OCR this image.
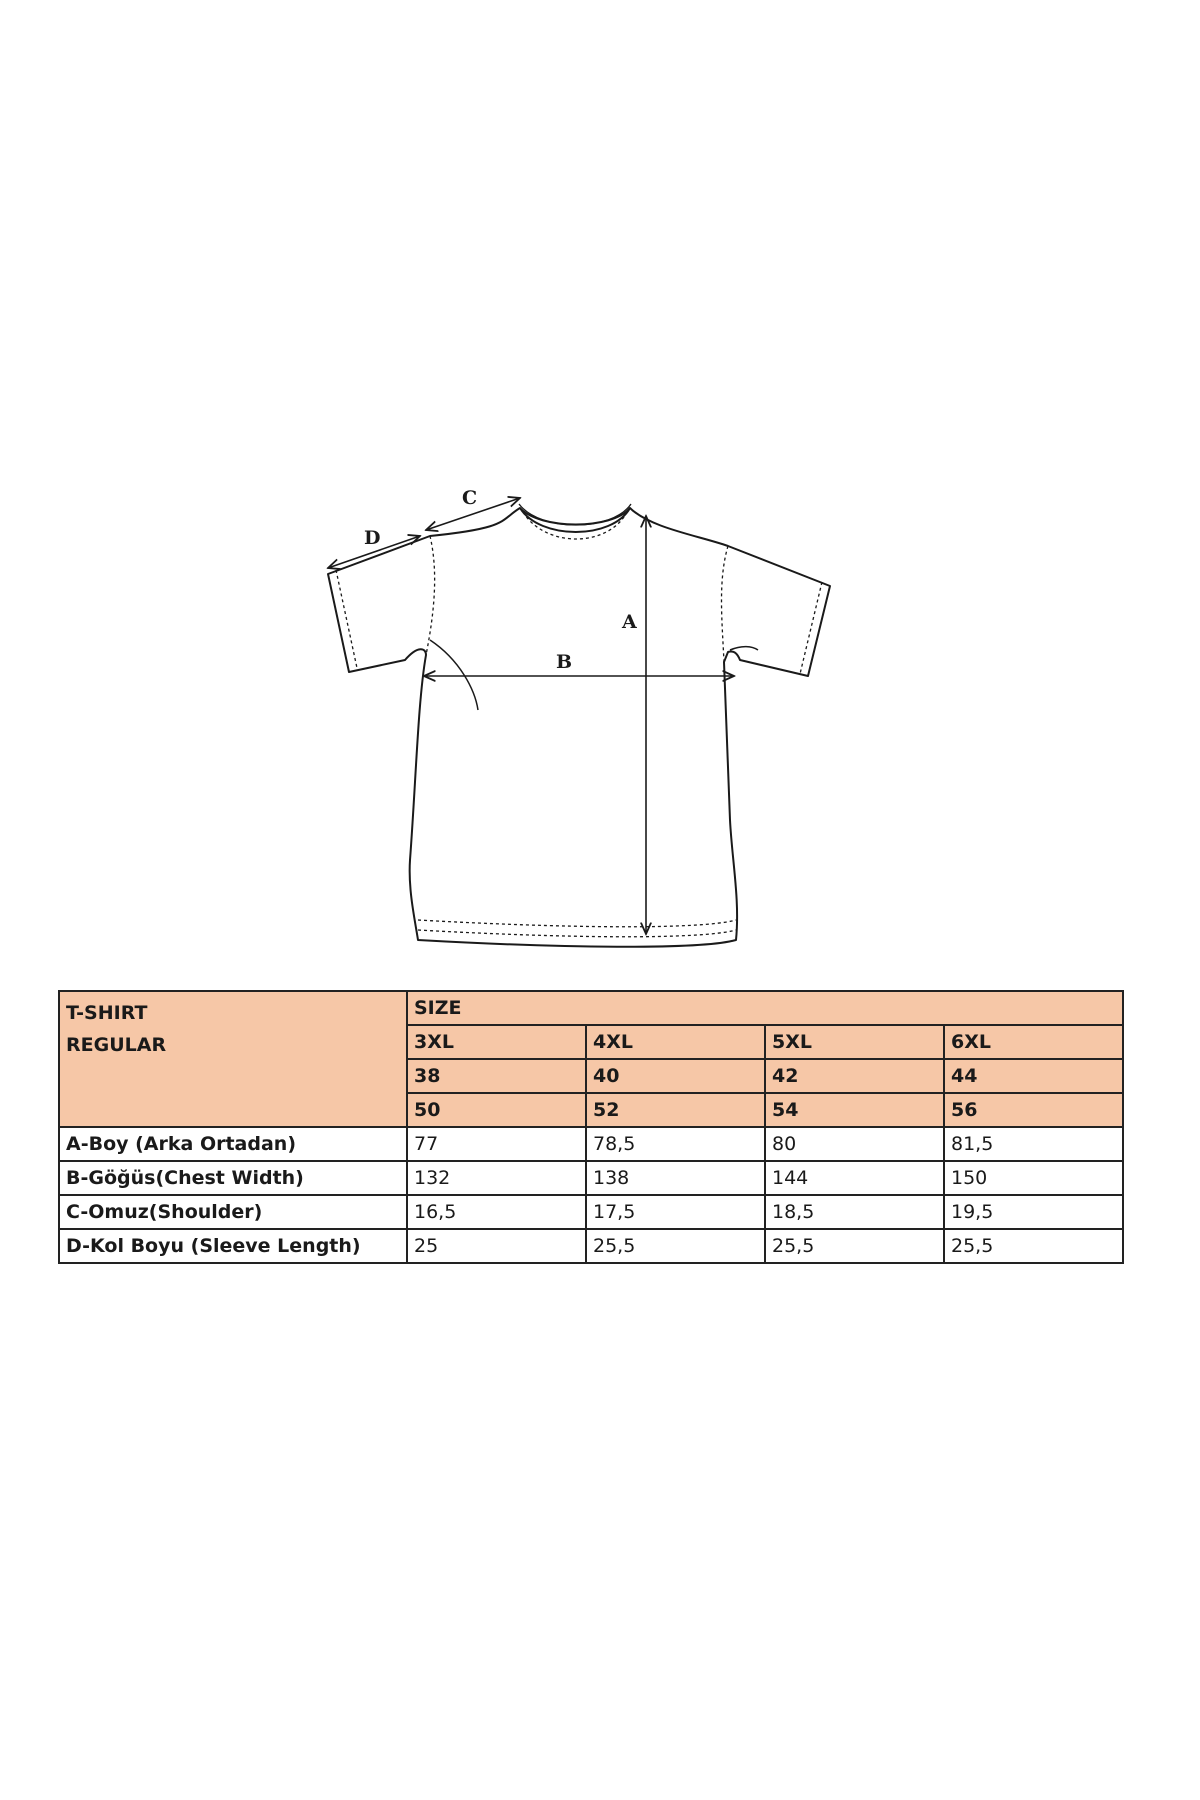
A
B
C
D
T-SHIRT
REGULAR	SIZE			
	3XL	4XL	5XL	6XL
	38	40	42	44
	50	52	54	56
A-Boy (Arka Ortadan)	77	78,5	80	81,5
B-Göğüs(Chest Width)	132	138	144	150
C-Omuz(Shoulder)	16,5	17,5	18,5	19,5
D-Kol Boyu (Sleeve Length)	25	25,5	25,5	25,5
